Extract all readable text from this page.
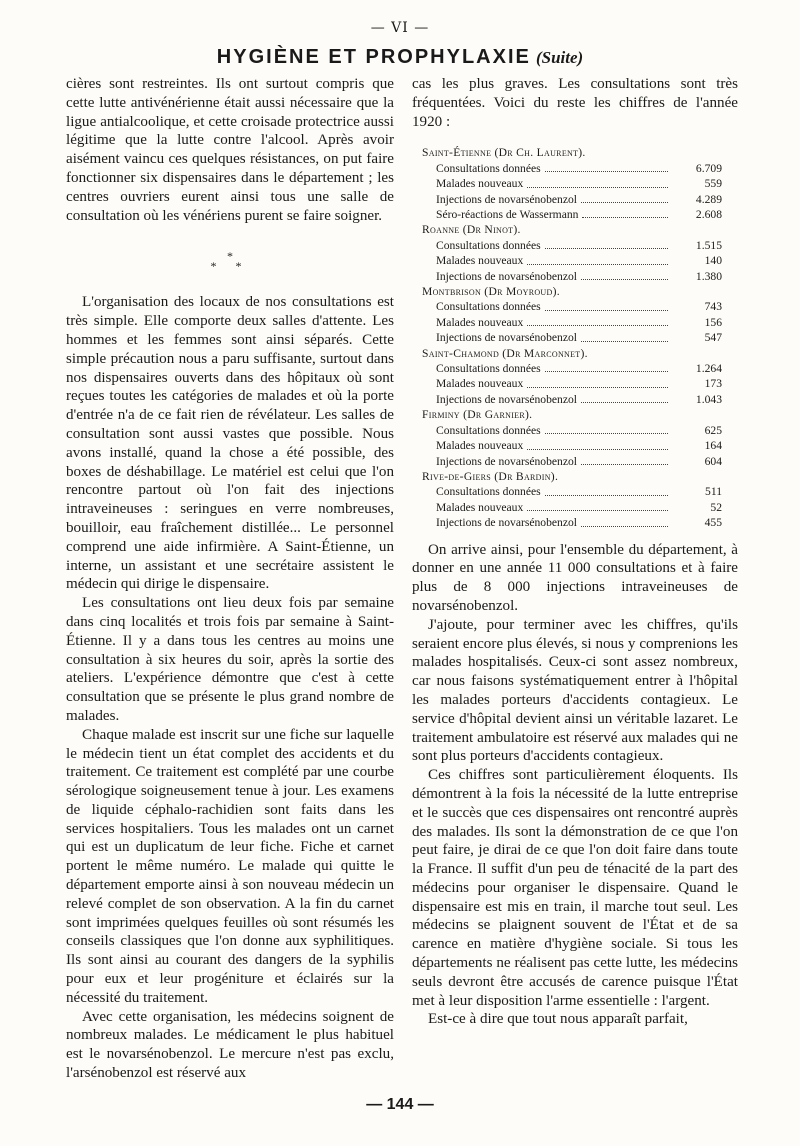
— VI —
HYGIÈNE ET PROPHYLAXIE (Suite)

cières sont restreintes. Ils ont surtout compris que cette lutte antivénérienne était aussi nécessaire que la ligue antialcoolique, et cette croisade protectrice aussi légitime que la lutte contre l'alcool. Après avoir aisément vaincu ces quelques résistances, on put faire fonctionner six dispensaires dans le département ; les centres ouvriers eurent ainsi tous une salle de consultation où les vénériens purent se faire soigner.

*
* *

L'organisation des locaux de nos consultations est très simple. Elle comporte deux salles d'attente. Les hommes et les femmes sont ainsi séparés. Cette simple précaution nous a paru suffisante, surtout dans nos dispensaires ouverts dans des hôpitaux où sont reçues toutes les catégories de malades et où la porte d'entrée n'a de ce fait rien de révélateur. Les salles de consultation sont aussi vastes que possible. Nous avons installé, quand la chose a été possible, des boxes de déshabillage. Le matériel est celui que l'on rencontre partout où l'on fait des injections intraveineuses : seringues en verre nombreuses, bouilloir, eau fraîchement distillée... Le personnel comprend une aide infirmière. A Saint-Étienne, un interne, un assistant et une secrétaire assistent le médecin qui dirige le dispensaire.

Les consultations ont lieu deux fois par semaine dans cinq localités et trois fois par semaine à Saint-Étienne. Il y a dans tous les centres au moins une consultation à six heures du soir, après la sortie des ateliers. L'expérience démontre que c'est à cette consultation que se présente le plus grand nombre de malades.

Chaque malade est inscrit sur une fiche sur laquelle le médecin tient un état complet des accidents et du traitement. Ce traitement est complété par une courbe sérologique soigneusement tenue à jour. Les examens de liquide céphalo-rachidien sont faits dans les services hospitaliers. Tous les malades ont un carnet qui est un duplicatum de leur fiche. Fiche et carnet portent le même numéro. Le malade qui quitte le département emporte ainsi à son nouveau médecin un relevé complet de son observation. A la fin du carnet sont imprimées quelques feuilles où sont résumés les conseils classiques que l'on donne aux syphilitiques. Ils sont ainsi au courant des dangers de la syphilis pour eux et leur progéniture et éclairés sur la nécessité du traitement.

Avec cette organisation, les médecins soignent de nombreux malades. Le médicament le plus habituel est le novarsénobenzol. Le mercure n'est pas exclu, l'arsénobenzol est réservé aux

cas les plus graves. Les consultations sont très fréquentées. Voici du reste les chiffres de l'année 1920 :

Saint-Étienne (Dr Ch. Laurent).
Consultations données	6.709
Malades nouveaux	559
Injections de novarsénobenzol	4.289
Séro-réactions de Wassermann	2.608
Roanne (Dr Ninot).
Consultations données	1.515
Malades nouveaux	140
Injections de novarsénobenzol	1.380
Montbrison (Dr Moyroud).
Consultations données	743
Malades nouveaux	156
Injections de novarsénobenzol	547
Saint-Chamond (Dr Marconnet).
Consultations données	1.264
Malades nouveaux	173
Injections de novarsénobenzol	1.043
Firminy (Dr Garnier).
Consultations données	625
Malades nouveaux	164
Injections de novarsénobenzol	604
Rive-de-Giers (Dr Bardin).
Consultations données	511
Malades nouveaux	52
Injections de novarsénobenzol	455

On arrive ainsi, pour l'ensemble du département, à donner en une année 11 000 consultations et à faire plus de 8 000 injections intraveineuses de novarsénobenzol.

J'ajoute, pour terminer avec les chiffres, qu'ils seraient encore plus élevés, si nous y comprenions les malades hospitalisés. Ceux-ci sont assez nombreux, car nous faisons systématiquement entrer à l'hôpital les malades porteurs d'accidents contagieux. Le service d'hôpital devient ainsi un véritable lazaret. Le traitement ambulatoire est réservé aux malades qui ne sont plus porteurs d'accidents contagieux.

Ces chiffres sont particulièrement éloquents. Ils démontrent à la fois la nécessité de la lutte entreprise et le succès que ces dispensaires ont rencontré auprès des malades. Ils sont la démonstration de ce que l'on peut faire, je dirai de ce que l'on doit faire dans toute la France. Il suffit d'un peu de ténacité de la part des médecins pour organiser le dispensaire. Quand le dispensaire est mis en train, il marche tout seul. Les médecins se plaignent souvent de l'État et de sa carence en matière d'hygiène sociale. Si tous les départements ne réalisent pas cette lutte, les médecins seuls devront être accusés de carence puisque l'État met à leur disposition l'arme essentielle : l'argent.

Est-ce à dire que tout nous apparaît parfait,

— 144 —
